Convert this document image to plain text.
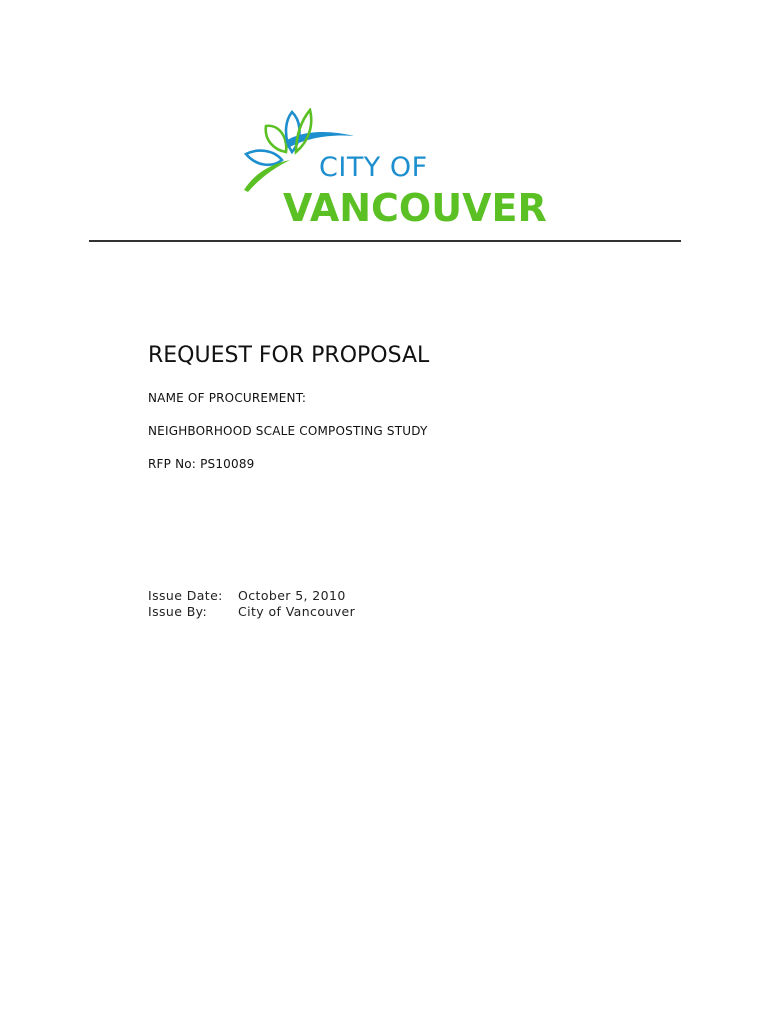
CITY OF
VANCOUVER
REQUEST FOR PROPOSAL
NAME OF PROCUREMENT:
NEIGHBORHOOD SCALE COMPOSTING STUDY
RFP No: PS10089
Issue Date: October 5, 2010
Issue By: City of Vancouver
